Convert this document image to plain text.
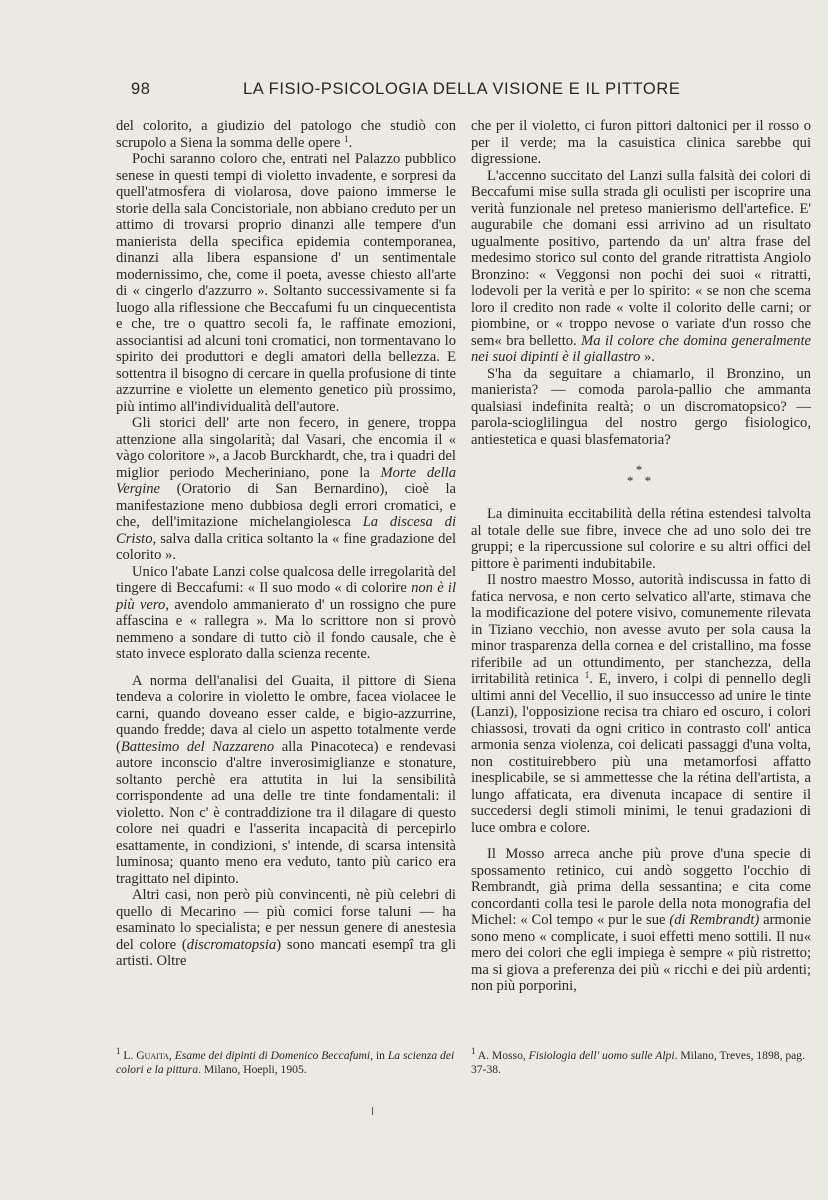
98	LA FISIO-PSICOLOGIA DELLA VISIONE E IL PITTORE

del colorito, a giudizio del patologo che studiò con scrupolo a Siena la somma delle opere $^1$.

Pochi saranno coloro che, entrati nel Palazzo pubblico senese in questi tempi di violetto invadente, e sorpresi da quell'atmosfera di violarosa, dove paiono immerse le storie della sala Concistoriale, non abbiano creduto per un attimo di trovarsi proprio dinanzi alle tempere d'un manierista della specifica epidemia contemporanea, dinanzi alla libera espansione d' un sentimentale modernissimo, che, come il poeta, avesse chiesto all'arte di « cingerlo d'azzurro ». Soltanto successivamente si fa luogo alla riflessione che Beccafumi fu un cinquecentista e che, tre o quattro secoli fa, le raffinate emozioni, associantisi ad alcuni toni cromatici, non tormentavano lo spirito dei produttori e degli amatori della bellezza. E sottentra il bisogno di cercare in quella profusione di tinte azzurrine e violette un elemento genetico più prossimo, più intimo all'individualità dell'autore.

Gli storici dell' arte non fecero, in genere, troppa attenzione alla singolarità; dal Vasari, che encomia il « vàgo coloritore », a Jacob Burckhardt, che, tra i quadri del miglior periodo Mecheriniano, pone la Morte della Vergine (Oratorio di San Bernardino), cioè la manifestazione meno dubbiosa degli errori cromatici, e che, dell'imitazione michelangiolesca La discesa di Cristo, salva dalla critica soltanto la « fine gradazione del colorito ».

Unico l'abate Lanzi colse qualcosa delle irregolarità del tingere di Beccafumi: « Il suo modo « di colorire non è il più vero, avendolo ammanierato d' un rossigno che pure affascina e « rallegra ». Ma lo scrittore non si provò nemmeno a sondare di tutto ciò il fondo causale, che è stato invece esplorato dalla scienza recente.

A norma dell'analisi del Guaita, il pittore di Siena tendeva a colorire in violetto le ombre, facea violacee le carni, quando doveano esser calde, e bigio-azzurrine, quando fredde; dava al cielo un aspetto totalmente verde (Battesimo del Nazzareno alla Pinacoteca) e rendevasi autore inconscio d'altre inverosimiglianze e stonature, soltanto perchè era attutita in lui la sensibilità corrispondente ad una delle tre tinte fondamentali: il violetto. Non c' è contraddizione tra il dilagare di questo colore nei quadri e l'asserita incapacità di percepirlo esattamente, in condizioni, s' intende, di scarsa intensità luminosa; quanto meno era veduto, tanto più carico era tragittato nel dipinto.

Altri casi, non però più convincenti, nè più celebri di quello di Mecarino — più comici forse taluni — ha esaminato lo specialista; e per nessun genere di anestesia del colore (discromatopsia) sono mancati esempî tra gli artisti. Oltre

che per il violetto, ci furon pittori daltonici per il rosso o per il verde; ma la casuistica clinica sarebbe qui digressione.

L'accenno succitato del Lanzi sulla falsità dei colori di Beccafumi mise sulla strada gli oculisti per iscoprire una verità funzionale nel preteso manierismo dell'artefice. E' augurabile che domani essi arrivino ad un risultato ugualmente positivo, partendo da un' altra frase del medesimo storico sul conto del grande ritrattista Angiolo Bronzino: « Veggonsi non pochi dei suoi « ritratti, lodevoli per la verità e per lo spirito: « se non che scema loro il credito non rade « volte il colorito delle carni; or piombine, or « troppo nevose o variate d'un rosso che sem« bra belletto. Ma il colore che domina generalmente nei suoi dipinti è il giallastro ».

S'ha da seguitare a chiamarlo, il Bronzino, un manierista? — comoda parola-pallio che ammanta qualsiasi indefinita realtà; o un discromatopsico? — parola-scioglilingua del nostro gergo fisiologico, antiestetica e quasi blasfematoria?

*
* *

La diminuita eccitabilità della rétina estendesi talvolta al totale delle sue fibre, invece che ad uno solo dei tre gruppi; e la ripercussione sul colorire e su altri offici del pittore è parimenti indubitabile.

Il nostro maestro Mosso, autorità indiscussa in fatto di fatica nervosa, e non certo selvatico all'arte, stimava che la modificazione del potere visivo, comunemente rilevata in Tiziano vecchio, non avesse avuto per sola causa la minor trasparenza della cornea e del cristallino, ma fosse riferibile ad un ottundimento, per stanchezza, della irritabilità retinica $^1$. E, invero, i colpi di pennello degli ultimi anni del Vecellio, il suo insuccesso ad unire le tinte (Lanzi), l'opposizione recisa tra chiaro ed oscuro, i colori chiassosi, trovati da ogni critico in contrasto coll' antica armonia senza violenza, coi delicati passaggi d'una volta, non costituirebbero più una metamorfosi affatto inesplicabile, se si ammettesse che la rétina dell'artista, a lungo affaticata, era divenuta incapace di sentire il succedersi degli stimoli minimi, le tenui gradazioni di luce ombra e colore.

Il Mosso arreca anche più prove d'una specie di spossamento retinico, cui andò soggetto l'occhio di Rembrandt, già prima della sessantina; e cita come concordanti colla tesi le parole della nota monografia del Michel: « Col tempo « pur le sue (di Rembrandt) armonie sono meno « complicate, i suoi effetti meno sottili. Il nu« mero dei colori che egli impiega è sempre « più ristretto; ma si giova a preferenza dei più « ricchi e dei più ardenti; non più porporini,

$^1$ L. Guaita, Esame dei dipinti di Domenico Beccafumi, in La scienza dei colori e la pittura. Milano, Hoepli, 1905.
$^1$ A. Mosso, Fisiologia dell' uomo sulle Alpi. Milano, Treves, 1898, pag. 37-38.
